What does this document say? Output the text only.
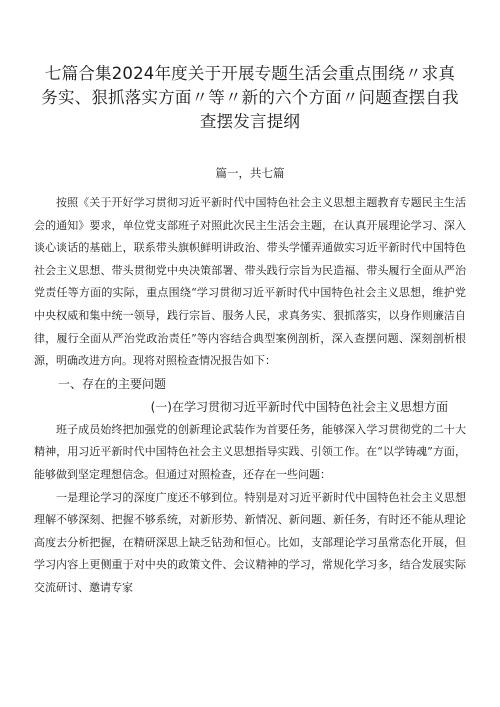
七篇合集2024年度关于开展专题生活会重点围绕〃求真务实、狠抓落实方面〃等〃新的六个方面〃问题查摆自我查摆发言提纲
篇一，共七篇

按照《关于开好学习贯彻习近平新时代中国特色社会主义思想主题教育专题民主生活会的通知》要求，单位党支部班子对照此次民主生活会主题，在认真开展理论学习、深入谈心谈话的基础上，联系带头旗帜鲜明讲政治、带头学懂弄通做实习近平新时代中国特色社会主义思想、带头贯彻党中央决策部署、带头践行宗旨为民造福、带头履行全面从严治党责任等方面的实际，重点围绕“学习贯彻习近平新时代中国特色社会主义思想，维护党中央权威和集中统一领导，践行宗旨、服务人民，求真务实、狠抓落实，以身作则廉洁自律，履行全面从严治党政治责任”等内容结合典型案例剖析，深入查摆问题、深刻剖析根源，明确改进方向。现将对照检查情况报告如下：

一、存在的主要问题
(一)在学习贯彻习近平新时代中国特色社会主义思想方面

班子成员始终把加强党的创新理论武装作为首要任务，能够深入学习贯彻党的二十大精神，用习近平新时代中国特色社会主义思想指导实践、引领工作。在“以学铸魂”方面，能够做到坚定理想信念。但通过对照检查，还存在一些问题：

一是理论学习的深度广度还不够到位。特别是对习近平新时代中国特色社会主义思想理解不够深刻、把握不够系统，对新形势、新情况、新问题、新任务，有时还不能从理论高度去分析把握，在精研深思上缺乏钻劲和恒心。比如，支部理论学习虽常态化开展，但学习内容上更侧重于对中央的政策文件、会议精神的学习，常规化学习多，结合发展实际交流研讨、邀请专家
